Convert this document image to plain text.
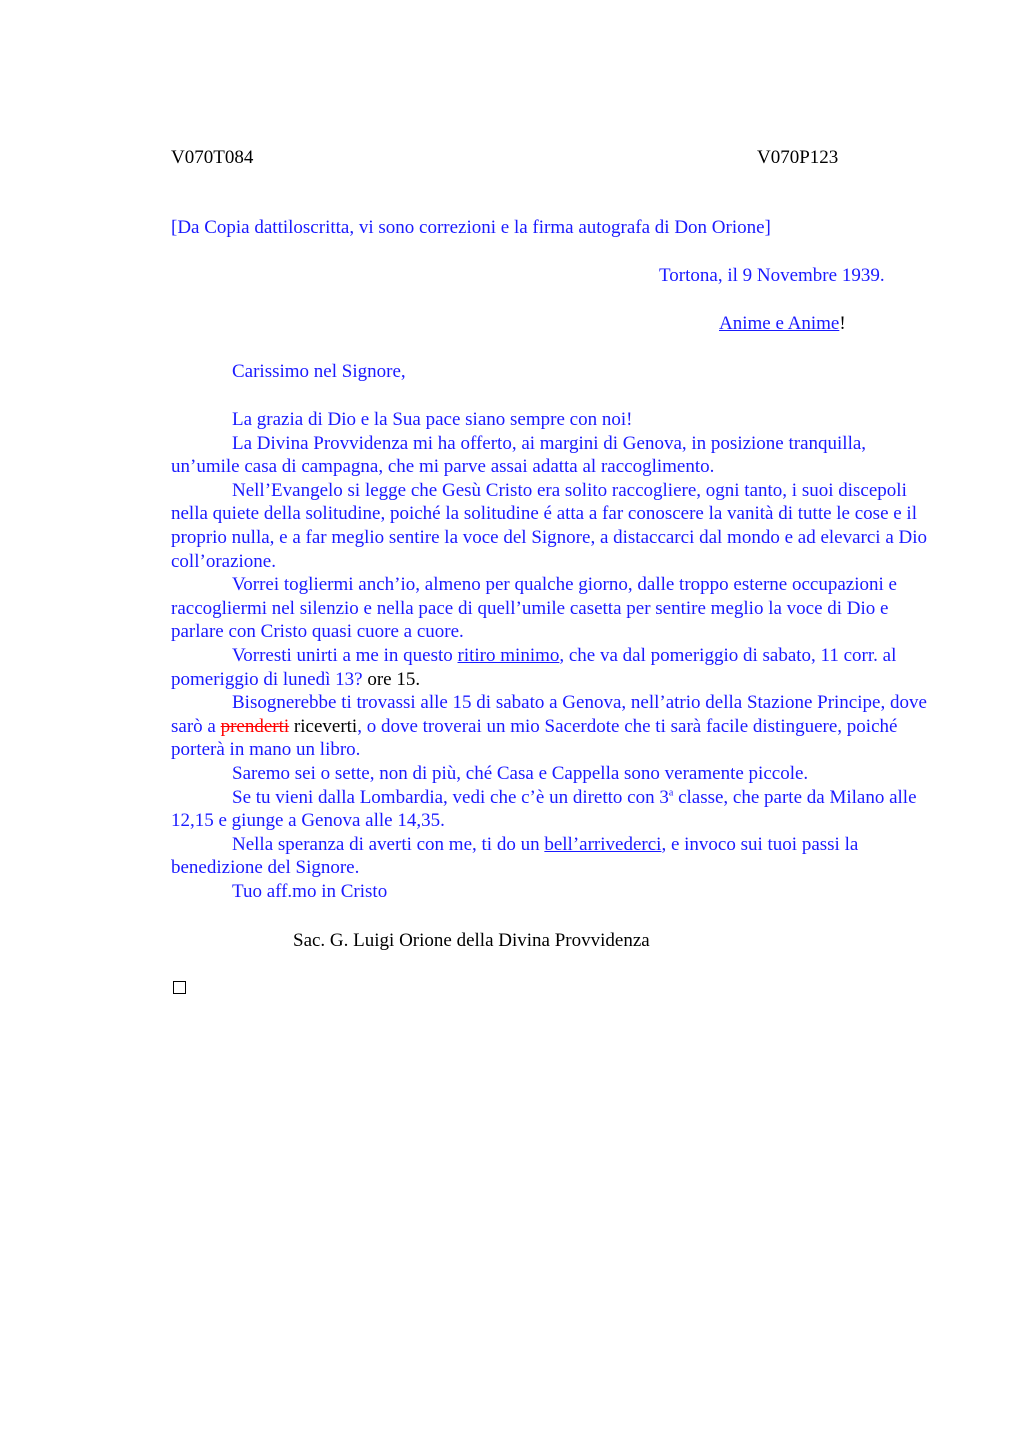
V070T084	V070P123
[Da Copia dattiloscritta, vi sono correzioni e la firma autografa di Don Orione]
Tortona, il 9 Novembre 1939.
Anime e Anime!
Carissimo nel Signore,

La grazia di Dio e la Sua pace siano sempre con noi!

La Divina Provvidenza mi ha offerto, ai margini di Genova, in posizione tranquilla, un’umile casa di campagna, che mi parve assai adatta al raccoglimento.

Nell’Evangelo si legge che Gesù Cristo era solito raccogliere, ogni tanto, i suoi discepoli nella quiete della solitudine, poiché la solitudine é atta a far conoscere la vanità di tutte le cose e il proprio nulla, e a far meglio sentire la voce del Signore, a distaccarci dal mondo e ad elevarci a Dio coll’orazione.

Vorrei togliermi anch’io, almeno per qualche giorno, dalle troppo esterne occupazioni e raccogliermi nel silenzio e nella pace di quell’umile casetta per sentire meglio la voce di Dio e parlare con Cristo quasi cuore a cuore.

Vorresti unirti a me in questo ritiro minimo, che va dal pomeriggio di sabato, 11 corr. al pomeriggio di lunedì 13? ore 15.

Bisognerebbe ti trovassi alle 15 di sabato a Genova, nell’atrio della Stazione Principe, dove sarò a prenderti riceverti, o dove troverai un mio Sacerdote che ti sarà facile distinguere, poiché porterà in mano un libro.

Saremo sei o sette, non di più, ché Casa e Cappella sono veramente piccole.

Se tu vieni dalla Lombardia, vedi che c’è un diretto con 3$^a$ classe, che parte da Milano alle 12,15 e giunge a Genova alle 14,35.

Nella speranza di averti con me, ti do un bell’arrivederci, e invoco sui tuoi passi la benedizione del Signore.

Tuo aff.mo in Cristo

Sac. G. Luigi Orione della Divina Provvidenza
